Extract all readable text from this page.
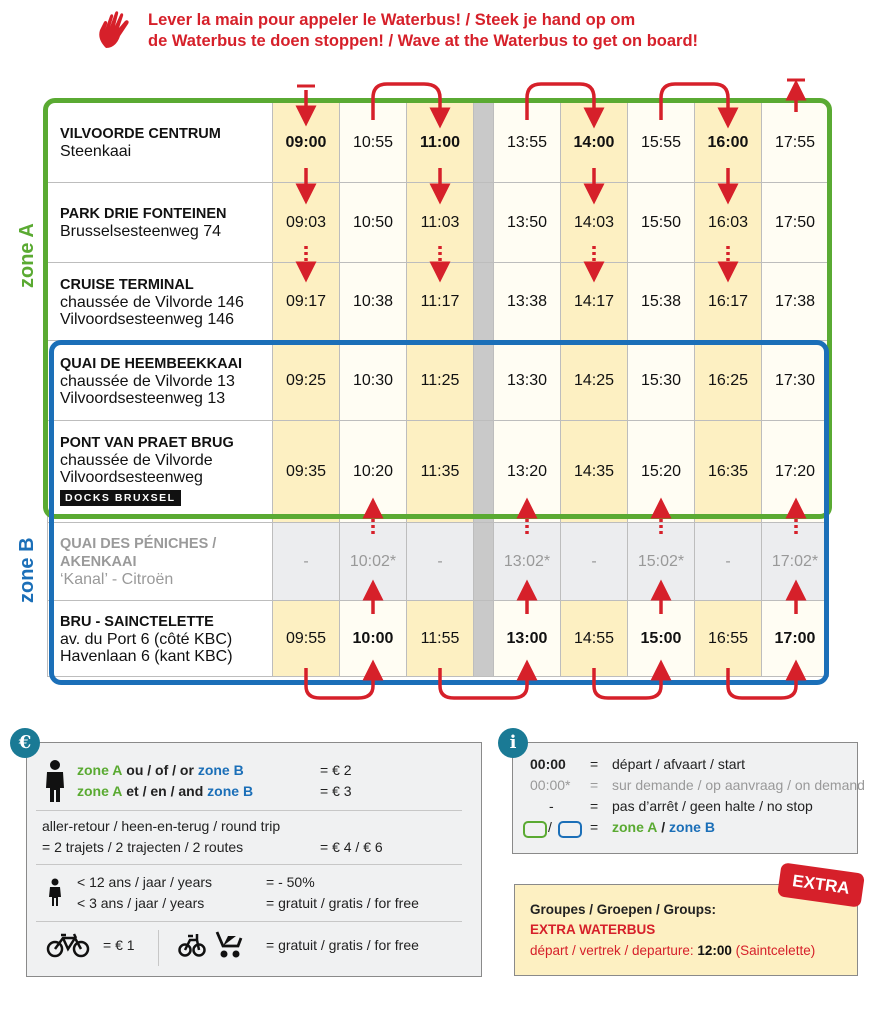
Lever la main pour appeler le Waterbus! / Steek je hand op om
de Waterbus te doen stoppen! / Wave at the Waterbus to get on board!
VILVOORDE CENTRUM
Steenkaai	09:00	10:55	11:00		13:55	14:00	15:55	16:00	17:55
PARK DRIE FONTEINEN
Brusselsesteenweg 74	09:03	10:50	11:03		13:50	14:03	15:50	16:03	17:50
CRUISE TERMINAL
chaussée de Vilvorde 146
Vilvoordsesteenweg 146	09:17	10:38	11:17		13:38	14:17	15:38	16:17	17:38
QUAI DE HEEMBEEKKAAI
chaussée de Vilvorde 13
Vilvoordsesteenweg 13	09:25	10:30	11:25		13:30	14:25	15:30	16:25	17:30
PONT VAN PRAET BRUG
chaussée de Vilvorde
Vilvoordsesteenweg	09:35	10:20	11:35		13:20	14:35	15:20	16:35	17:20
QUAI DES PÉNICHES /
AKENKAAI
‘Kanal’ - Citroën	-	10:02*	-		13:02*	-	15:02*	-	17:02*
BRU - SAINCTELETTE
av. du Port 6 (côté KBC)
Havenlaan 6 (kant KBC)	09:55	10:00	11:55		13:00	14:55	15:00	16:55	17:00
zone A
zone B
DOCKS BRUXSEL
€
zone A ou / of / or zone B	= € 2
zone A et / en / and zone B	= € 3
aller-retour / heen-en-terug / round trip
= 2 trajets / 2 trajecten / 2 routes	= € 4 / € 6
< 12 ans / jaar / years	= - 50%
< 3 ans / jaar / years	= gratuit / gratis / for free
= € 1	= gratuit / gratis / for free
i
00:00 = départ / afvaart / start
00:00* = sur demande / op aanvraag / on demand
-	= pas d’arrêt / geen halte / no stop
/	= zone A / zone B
EXTRA
Groupes / Groepen / Groups:
EXTRA WATERBUS
départ / vertrek / departure: 12:00 (Saintcelette)
